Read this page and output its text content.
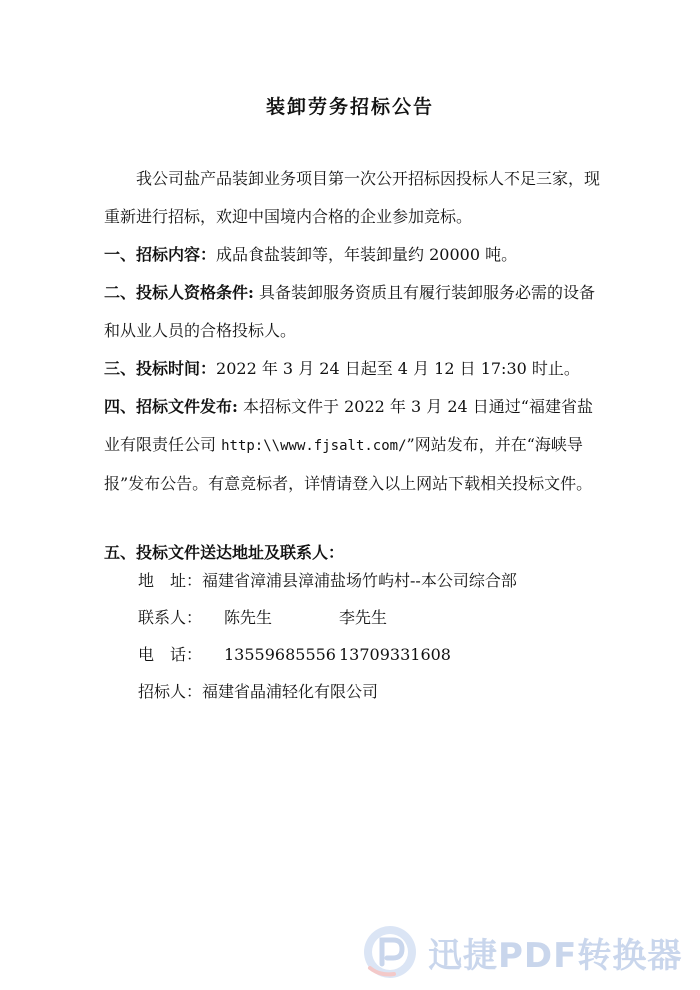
装卸劳务招标公告
我公司盐产品装卸业务项目第一次公开招标因投标人不足三家，现重新进行招标，欢迎中国境内合格的企业参加竞标。
一、招标内容：成品食盐装卸等，年装卸量约 20000 吨。
二、投标人资格条件: 具备装卸服务资质且有履行装卸服务必需的设备和从业人员的合格投标人。
三、投标时间：2022 年 3 月 24 日起至 4 月 12 日 17:30 时止。
四、招标文件发布: 本招标文件于 2022 年 3 月 24 日通过“福建省盐业有限责任公司 http:\\www.fjsalt.com/”网站发布，并在“海峡导报”发布公告。有意竞标者，详情请登入以上网站下载相关投标文件。
五、投标文件送达地址及联系人：
地　址：福建省漳浦县漳浦盐场竹屿村--本公司综合部
联系人： 陈先生	李先生
电　话： 13559685556 13709331608
招标人：福建省晶浦轻化有限公司
迅捷PDF转换器
